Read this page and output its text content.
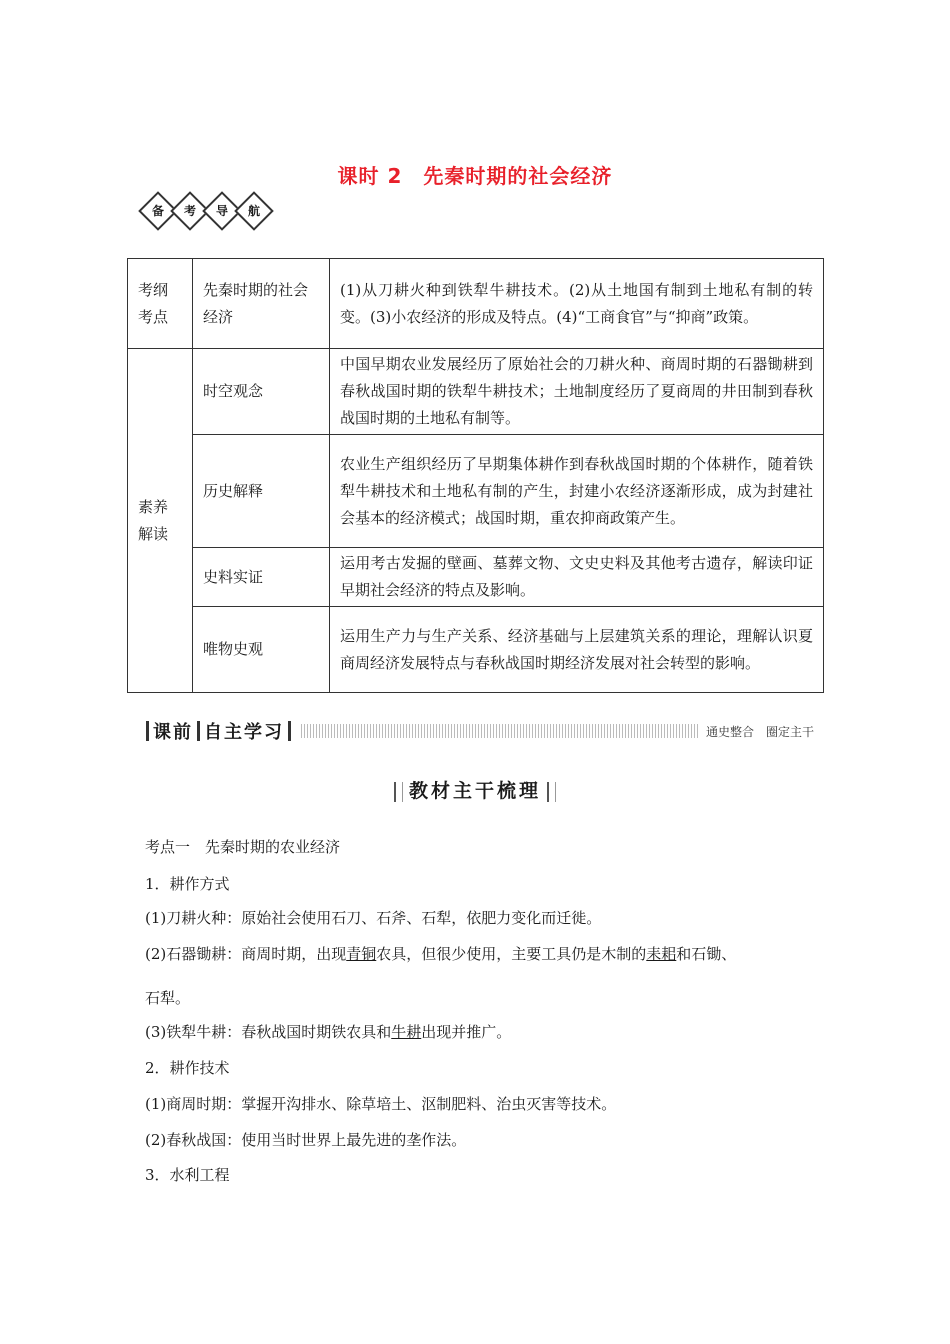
课时 2　先秦时期的社会经济
备	考	导	航
考纲考点	先秦时期的社会经济	(1)从刀耕火种到铁犁牛耕技术。(2)从土地国有制到土地私有制的转变。(3)小农经济的形成及特点。(4)“工商食官”与“抑商”政策。
素养解读	时空观念	中国早期农业发展经历了原始社会的刀耕火种、商周时期的石器锄耕到春秋战国时期的铁犁牛耕技术；土地制度经历了夏商周的井田制到春秋战国时期的土地私有制等。
	历史解释	农业生产组织经历了早期集体耕作到春秋战国时期的个体耕作，随着铁犁牛耕技术和土地私有制的产生，封建小农经济逐渐形成，成为封建社会基本的经济模式；战国时期，重农抑商政策产生。
	史料实证	运用考古发掘的壁画、墓葬文物、文史史料及其他考古遗存，解读印证早期社会经济的特点及影响。
	唯物史观	运用生产力与生产关系、经济基础与上层建筑关系的理论，理解认识夏商周经济发展特点与春秋战国时期经济发展对社会转型的影响。
课前 自主学习	通史整合　圈定主干
教材主干梳理
考点一　先秦时期的农业经济
1．耕作方式
(1)刀耕火种：原始社会使用石刀、石斧、石犁，依肥力变化而迁徙。
(2)石器锄耕：商周时期，出现青铜农具，但很少使用，主要工具仍是木制的耒耜和石锄、
石犁。
(3)铁犁牛耕：春秋战国时期铁农具和牛耕出现并推广。
2．耕作技术
(1)商周时期：掌握开沟排水、除草培土、沤制肥料、治虫灭害等技术。
(2)春秋战国：使用当时世界上最先进的垄作法。
3．水利工程
